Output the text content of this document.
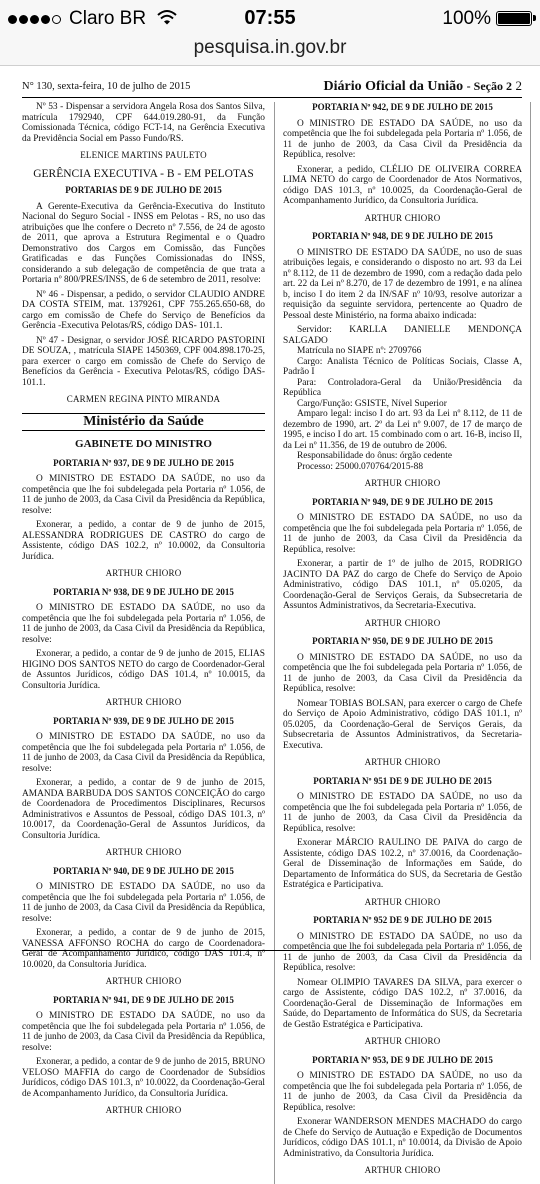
Claro BR	07:55	100%
pesquisa.in.gov.br
N° 130, sexta-feira, 10 de julho de 2015	Diário Oficial da União - Seção 2 2
Nº 53 - Dispensar a servidora Angela Rosa dos Santos Silva, matrícula 1792940, CPF 644.019.280-91, da Função Comissionada Técnica, código FCT-14, na Gerência Executiva da Previdência Social em Passo Fundo/RS.
ELENICE MARTINS PAULETO
GERÊNCIA EXECUTIVA - B - EM PELOTAS
PORTARIAS DE 9 DE JULHO DE 2015
A Gerente-Executiva da Gerência-Executiva do Instituto Nacional do Seguro Social - INSS em Pelotas - RS, no uso das atribuições que lhe confere o Decreto nº 7.556, de 24 de agosto de 2011, que aprova a Estrutura Regimental e o Quadro Demonstrativo dos Cargos em Comissão, das Funções Gratificadas e das Funções Comissionadas do INSS, considerando a sub delegação de competência de que trata a Portaria nº 800/PRES/INSS, de 6 de setembro de 2011, resolve:
Nº 46 - Dispensar, a pedido, o servidor CLAUDIO ANDRE DA COSTA STEIM, mat. 1379261, CPF 755.265.650-68, do cargo em comissão de Chefe do Serviço de Benefícios da Gerência -Executiva Pelotas/RS, código DAS- 101.1.
Nº 47 - Designar, o servidor JOSÉ RICARDO PASTORINI DE SOUZA, , matrícula SIAPE 1450369, CPF 004.898.170-25, para exercer o cargo em comissão de Chefe do Serviço de Benefícios da Gerência - Executiva Pelotas/RS, código DAS- 101.1.
CARMEN REGINA PINTO MIRANDA
Ministério da Saúde
GABINETE DO MINISTRO
PORTARIA Nº 937, DE 9 DE JULHO DE 2015
O MINISTRO DE ESTADO DA SAÚDE, no uso da competência que lhe foi subdelegada pela Portaria nº 1.056, de 11 de junho de 2003, da Casa Civil da Presidência da República, resolve:
Exonerar, a pedido, a contar de 9 de junho de 2015, ALESSANDRA RODRIGUES DE CASTRO do cargo de Assistente, código DAS 102.2, nº 10.0002, da Consultoria Jurídica.
ARTHUR CHIORO
PORTARIA Nº 938, DE 9 DE JULHO DE 2015
O MINISTRO DE ESTADO DA SAÚDE, no uso da competência que lhe foi subdelegada pela Portaria nº 1.056, de 11 de junho de 2003, da Casa Civil da Presidência da República, resolve:
Exonerar, a pedido, a contar de 9 de junho de 2015, ELIAS HIGINO DOS SANTOS NETO do cargo de Coordenador-Geral de Assuntos Jurídicos, código DAS 101.4, nº 10.0015, da Consultoria Jurídica.
ARTHUR CHIORO
PORTARIA Nº 939, DE 9 DE JULHO DE 2015
O MINISTRO DE ESTADO DA SAÚDE, no uso da competência que lhe foi subdelegada pela Portaria nº 1.056, de 11 de junho de 2003, da Casa Civil da Presidência da República, resolve:
Exonerar, a pedido, a contar de 9 de junho de 2015, AMANDA BARBUDA DOS SANTOS CONCEIÇÃO do cargo de Coordenadora de Procedimentos Disciplinares, Recursos Administrativos e Assuntos de Pessoal, código DAS 101.3, nº 10.0017, da Coordenação-Geral de Assuntos Jurídicos, da Consultoria Jurídica.
ARTHUR CHIORO
PORTARIA Nº 940, DE 9 DE JULHO DE 2015
O MINISTRO DE ESTADO DA SAÚDE, no uso da competência que lhe foi subdelegada pela Portaria nº 1.056, de 11 de junho de 2003, da Casa Civil da Presidência da República, resolve:
Exonerar, a pedido, a contar de 9 de junho de 2015, VANESSA AFFONSO ROCHA do cargo de Coordenadora-Geral de Acompanhamento Jurídico, código DAS 101.4, nº 10.0020, da Consultoria Jurídica.
ARTHUR CHIORO
PORTARIA Nº 941, DE 9 DE JULHO DE 2015
O MINISTRO DE ESTADO DA SAÚDE, no uso da competência que lhe foi subdelegada pela Portaria nº 1.056, de 11 de junho de 2003, da Casa Civil da Presidência da República, resolve:
Exonerar, a pedido, a contar de 9 de junho de 2015, BRUNO VELOSO MAFFIA do cargo de Coordenador de Subsídios Jurídicos, código DAS 101.3, nº 10.0022, da Coordenação-Geral de Acompanhamento Jurídico, da Consultoria Jurídica.
ARTHUR CHIORO
PORTARIA Nº 942, DE 9 DE JULHO DE 2015
O MINISTRO DE ESTADO DA SAÚDE, no uso da competência que lhe foi subdelegada pela Portaria nº 1.056, de 11 de junho de 2003, da Casa Civil da Presidência da República, resolve:
Exonerar, a pedido, CLÉLIO DE OLIVEIRA CORREA LIMA NETO do cargo de Coordenador de Atos Normativos, código DAS 101.3, nº 10.0025, da Coordenação-Geral de Acompanhamento Jurídico, da Consultoria Jurídica.
ARTHUR CHIORO
PORTARIA Nº 948, DE 9 DE JULHO DE 2015
O MINISTRO DE ESTADO DA SAÚDE, no uso de suas atribuições legais, e considerando o disposto no art. 93 da Lei nº 8.112, de 11 de dezembro de 1990, com a redação dada pelo art. 22 da Lei nº 8.270, de 17 de dezembro de 1991, e na alínea b, inciso I do item 2 da IN/SAF nº 10/93, resolve autorizar a requisição da seguinte servidora, pertencente ao Quadro de Pessoal deste Ministério, na forma abaixo indicada:
Servidor: KARLLA DANIELLE MENDONÇA SALGADO
Matrícula no SIAPE nº: 2709766
Cargo: Analista Técnico de Políticas Sociais, Classe A, Padrão I
Para: Controladora-Geral da União/Presidência da República
Cargo/Função: GSISTE, Nível Superior
Amparo legal: inciso I do art. 93 da Lei nº 8.112, de 11 de dezembro de 1990, art. 2º da Lei nº 9.007, de 17 de março de 1995, e inciso I do art. 15 combinado com o art. 16-B, inciso II, da Lei nº 11.356, de 19 de outubro de 2006.
Responsabilidade do ônus: órgão cedente
Processo: 25000.070764/2015-88
ARTHUR CHIORO
PORTARIA Nº 949, DE 9 DE JULHO DE 2015
O MINISTRO DE ESTADO DA SAÚDE, no uso da competência que lhe foi subdelegada pela Portaria nº 1.056, de 11 de junho de 2003, da Casa Civil da Presidência da República, resolve:
Exonerar, a partir de 1º de julho de 2015, RODRIGO JACINTO DA PAZ do cargo de Chefe do Serviço de Apoio Administrativo, código DAS 101.1, nº 05.0205, da Coordenação-Geral de Serviços Gerais, da Subsecretaria de Assuntos Administrativos, da Secretaria-Executiva.
ARTHUR CHIORO
PORTARIA Nº 950, DE 9 DE JULHO DE 2015
O MINISTRO DE ESTADO DA SAÚDE, no uso da competência que lhe foi subdelegada pela Portaria nº 1.056, de 11 de junho de 2003, da Casa Civil da Presidência da República, resolve:
Nomear TOBIAS BOLSAN, para exercer o cargo de Chefe do Serviço de Apoio Administrativo, código DAS 101.1, nº 05.0205, da Coordenação-Geral de Serviços Gerais, da Subsecretaria de Assuntos Administrativos, da Secretaria-Executiva.
ARTHUR CHIORO
PORTARIA Nº 951 DE 9 DE JULHO DE 2015
O MINISTRO DE ESTADO DA SAÚDE, no uso da competência que lhe foi subdelegada pela Portaria nº 1.056, de 11 de junho de 2003, da Casa Civil da Presidência da República, resolve:
Exonerar MÁRCIO RAULINO DE PAIVA do cargo de Assistente, código DAS 102.2, nº 37.0016, da Coordenação-Geral de Disseminação de Informações em Saúde, do Departamento de Informática do SUS, da Secretaria de Gestão Estratégica e Participativa.
ARTHUR CHIORO
PORTARIA Nº 952 DE 9 DE JULHO DE 2015
O MINISTRO DE ESTADO DA SAÚDE, no uso da competência que lhe foi subdelegada pela Portaria nº 1.056, de 11 de junho de 2003, da Casa Civil da Presidência da República, resolve:
Nomear OLIMPIO TAVARES DA SILVA, para exercer o cargo de Assistente, código DAS 102.2, nº 37.0016, da Coordenação-Geral de Disseminação de Informações em Saúde, do Departamento de Informática do SUS, da Secretaria de Gestão Estratégica e Participativa.
ARTHUR CHIORO
PORTARIA Nº 953, DE 9 DE JULHO DE 2015
O MINISTRO DE ESTADO DA SAÚDE, no uso da competência que lhe foi subdelegada pela Portaria nº 1.056, de 11 de junho de 2003, da Casa Civil da Presidência da República, resolve:
Exonerar WANDERSON MENDES MACHADO do cargo de Chefe do Serviço de Autuação e Expedição de Documentos Jurídicos, código DAS 101.1, nº 10.0014, da Divisão de Apoio Administrativo, da Consultoria Jurídica.
ARTHUR CHIORO
